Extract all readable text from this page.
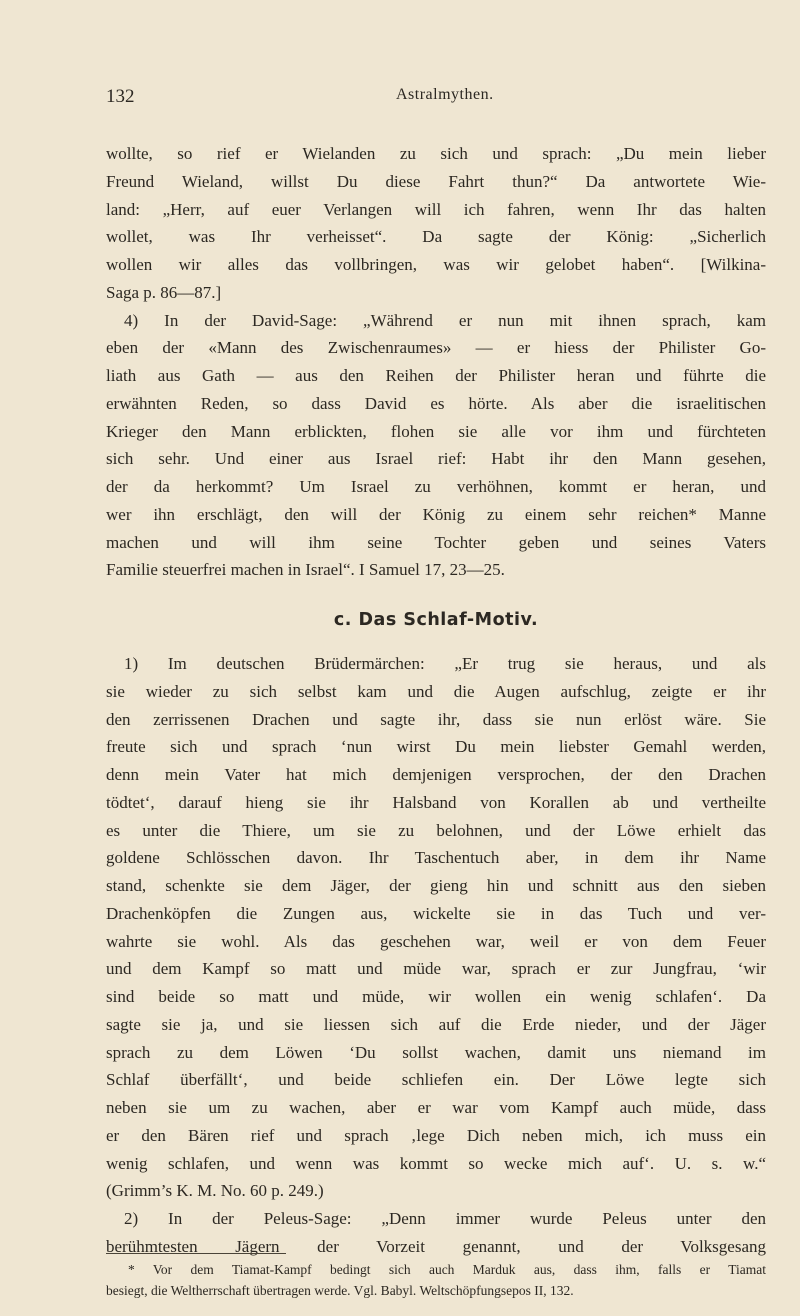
132	Astralmythen.
wollte, so rief er Wielanden zu sich und sprach: „Du mein lieber
Freund Wieland, willst Du diese Fahrt thun?“ Da antwortete Wie-
land: „Herr, auf euer Verlangen will ich fahren, wenn Ihr das halten
wollet, was Ihr verheisset“. Da sagte der König: „Sicherlich
wollen wir alles das vollbringen, was wir gelobet haben“. [Wilkina-
Saga p. 86—87.]
4) In der David-Sage: „Während er nun mit ihnen sprach, kam
eben der «Mann des Zwischenraumes» — er hiess der Philister Go-
liath aus Gath — aus den Reihen der Philister heran und führte die
erwähnten Reden, so dass David es hörte. Als aber die israelitischen
Krieger den Mann erblickten, flohen sie alle vor ihm und fürchteten
sich sehr. Und einer aus Israel rief: Habt ihr den Mann gesehen,
der da herkommt? Um Israel zu verhöhnen, kommt er heran, und
wer ihn erschlägt, den will der König zu einem sehr reichen* Manne
machen und will ihm seine Tochter geben und seines Vaters
Familie steuerfrei machen in Israel“. I Samuel 17, 23—25.
c. Das Schlaf-Motiv.
1) Im deutschen Brüdermärchen: „Er trug sie heraus, und als
sie wieder zu sich selbst kam und die Augen aufschlug, zeigte er ihr
den zerrissenen Drachen und sagte ihr, dass sie nun erlöst wäre. Sie
freute sich und sprach ‘nun wirst Du mein liebster Gemahl werden,
denn mein Vater hat mich demjenigen versprochen, der den Drachen
tödtet‘, darauf hieng sie ihr Halsband von Korallen ab und vertheilte
es unter die Thiere, um sie zu belohnen, und der Löwe erhielt das
goldene Schlösschen davon. Ihr Taschentuch aber, in dem ihr Name
stand, schenkte sie dem Jäger, der gieng hin und schnitt aus den sieben
Drachenköpfen die Zungen aus, wickelte sie in das Tuch und ver-
wahrte sie wohl. Als das geschehen war, weil er von dem Feuer
und dem Kampf so matt und müde war, sprach er zur Jungfrau, ‘wir
sind beide so matt und müde, wir wollen ein wenig schlafen‘. Da
sagte sie ja, und sie liessen sich auf die Erde nieder, und der Jäger
sprach zu dem Löwen ‘Du sollst wachen, damit uns niemand im
Schlaf überfällt‘, und beide schliefen ein. Der Löwe legte sich
neben sie um zu wachen, aber er war vom Kampf auch müde, dass
er den Bären rief und sprach ‚lege Dich neben mich, ich muss ein
wenig schlafen, und wenn was kommt so wecke mich auf‘. U. s. w.“
(Grimm’s K. M. No. 60 p. 249.)
2) In der Peleus-Sage: „Denn immer wurde Peleus unter den
berühmtesten Jägern der Vorzeit genannt, und der Volksgesang
* Vor dem Tiamat-Kampf bedingt sich auch Marduk aus, dass ihm, falls er Tiamat
besiegt, die Weltherrschaft übertragen werde. Vgl. Babyl. Weltschöpfungsepos II, 132.
